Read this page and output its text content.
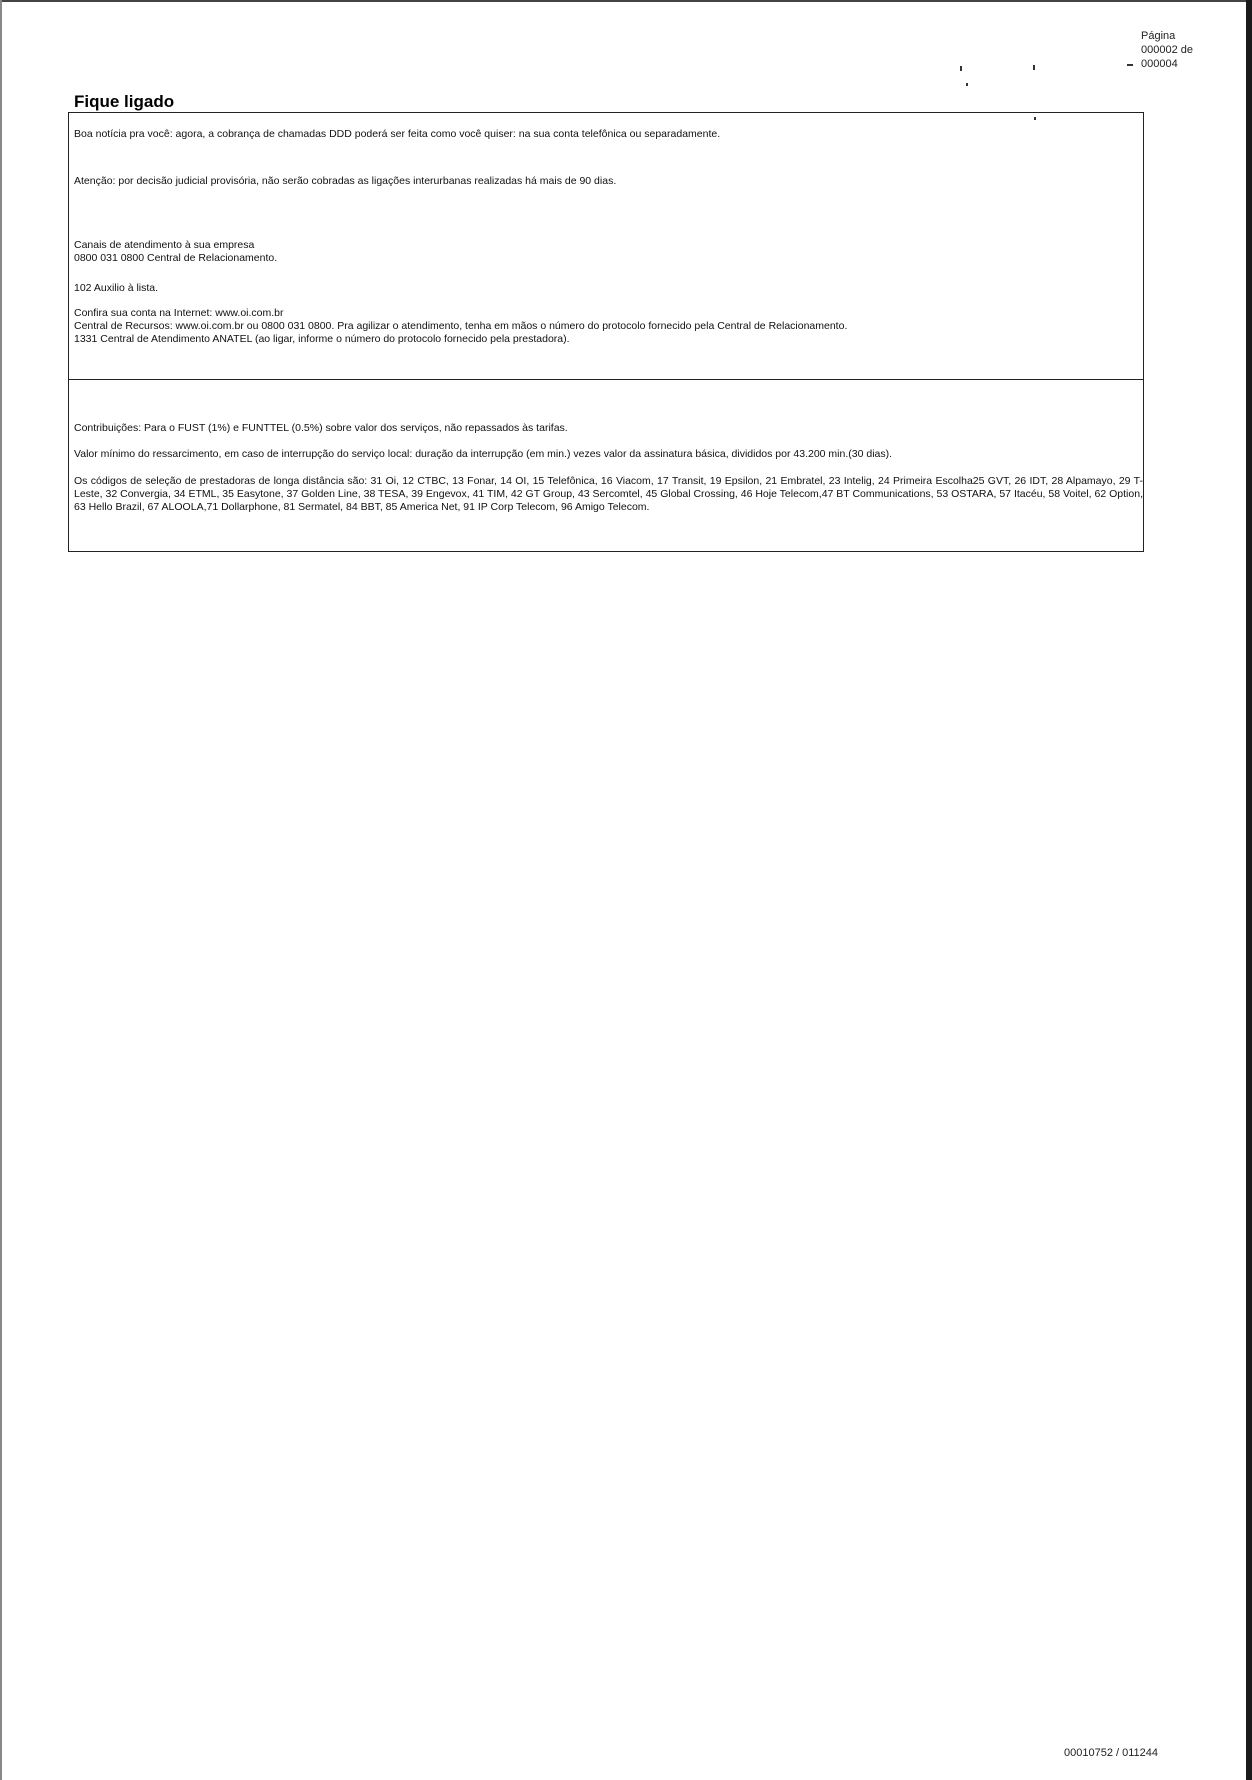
Página
000002 de
000004
Fique ligado
Boa notícia pra você: agora, a cobrança de chamadas DDD poderá ser feita como você quiser: na sua conta telefônica ou separadamente.
Atenção: por decisão judicial provisória, não serão cobradas as ligações interurbanas realizadas há mais de 90 dias.
Canais de atendimento à sua empresa
0800 031 0800 Central de Relacionamento.
102 Auxilio à lista.
Confira sua conta na Internet: www.oi.com.br
Central de Recursos: www.oi.com.br ou 0800 031 0800. Pra agilizar o atendimento, tenha em mãos o número do protocolo fornecido pela Central de Relacionamento.
1331 Central de Atendimento ANATEL (ao ligar, informe o número do protocolo fornecido pela prestadora).
Contribuições: Para o FUST (1%) e FUNTTEL (0.5%) sobre valor dos serviços, não repassados às tarifas.
Valor mínimo do ressarcimento, em caso de interrupção do serviço local: duração da interrupção (em min.) vezes valor da assinatura básica, divididos por 43.200 min.(30 dias).
Os códigos de seleção de prestadoras de longa distância são: 31 Oi, 12 CTBC, 13 Fonar, 14 OI, 15 Telefônica, 16 Viacom, 17 Transit, 19 Epsilon, 21 Embratel, 23 Intelig, 24 Primeira Escolha25 GVT, 26 IDT, 28 Alpamayo, 29 T-Leste, 32 Convergia, 34 ETML, 35 Easytone, 37 Golden Line, 38 TESA, 39 Engevox, 41 TIM, 42 GT Group, 43 Sercomtel, 45 Global Crossing, 46 Hoje Telecom,47 BT Communications, 53 OSTARA, 57 Itacéu, 58 Voitel, 62 Option, 63 Hello Brazil, 67 ALOOLA,71 Dollarphone, 81 Sermatel, 84 BBT, 85 America Net, 91 IP Corp Telecom, 96 Amigo Telecom.
00010752 / 011244
